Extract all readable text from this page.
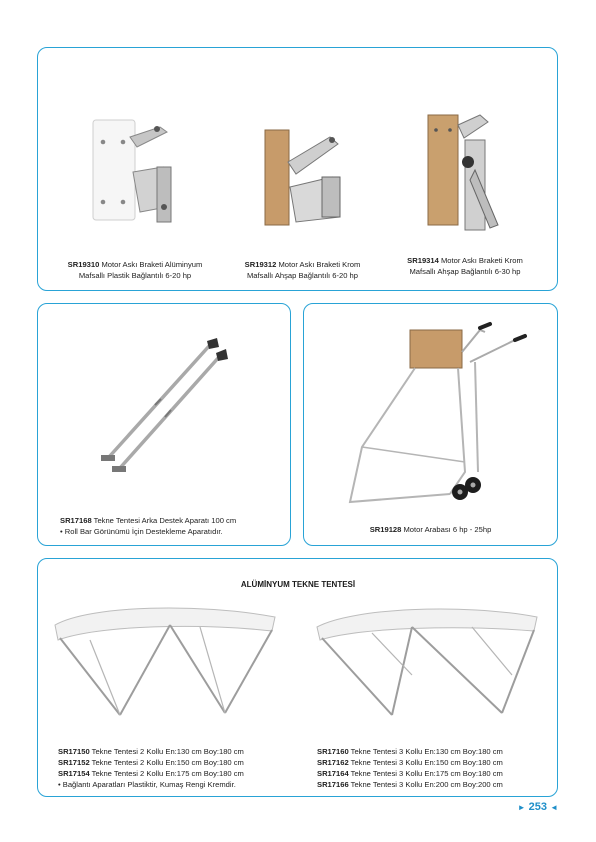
SR19310 Motor Askı Braketi Alüminyum
Mafsallı Plastik Bağlantılı 6-20 hp
SR19312 Motor Askı Braketi Krom
Mafsallı Ahşap Bağlantılı 6-20 hp
SR19314 Motor Askı Braketi Krom
Mafsallı Ahşap Bağlantılı 6-30 hp
SR17168 Tekne Tentesi Arka Destek Aparatı 100 cm
• Roll Bar Görünümü İçin Destekleme Aparatıdır.	SR19128 Motor Arabası 6 hp - 25hp
ALÜMİNYUM TEKNE TENTESİ
SR17150 Tekne Tentesi 2 Kollu En:130 cm Boy:180 cm
SR17152 Tekne Tentesi 2 Kollu En:150 cm Boy:180 cm
SR17154 Tekne Tentesi 2 Kollu En:175 cm Boy:180 cm
• Bağlantı Aparatları Plastiktir, Kumaş Rengi Kremdir.
SR17160 Tekne Tentesi 3 Kollu En:130 cm Boy:180 cm
SR17162 Tekne Tentesi 3 Kollu En:150 cm Boy:180 cm
SR17164 Tekne Tentesi 3 Kollu En:175 cm Boy:180 cm
SR17166 Tekne Tentesi 3 Kollu En:200 cm Boy:200 cm
► 253 ◄
